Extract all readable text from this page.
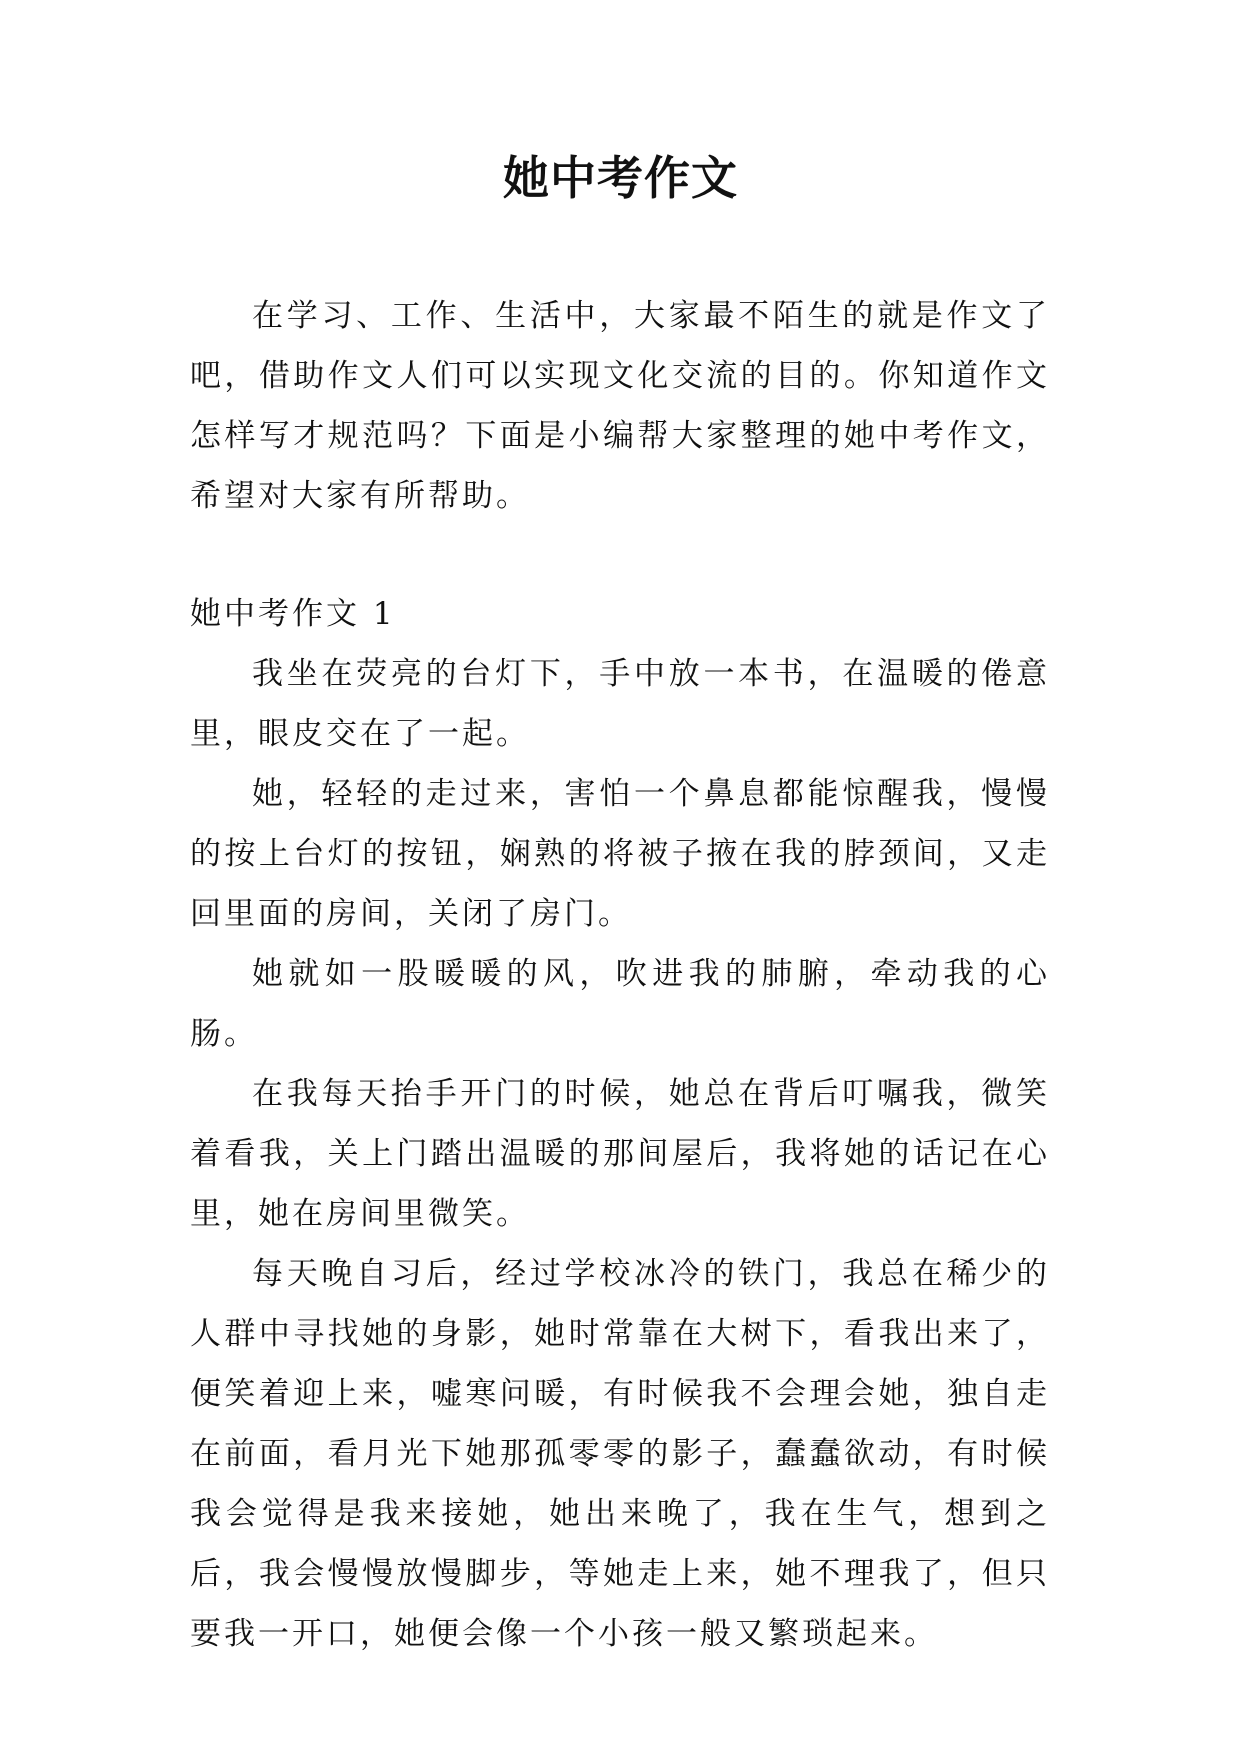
她中考作文

在学习、工作、生活中，大家最不陌生的就是作文了吧，借助作文人们可以实现文化交流的目的。你知道作文怎样写才规范吗？下面是小编帮大家整理的她中考作文，希望对大家有所帮助。

她中考作文 1

我坐在荧亮的台灯下，手中放一本书，在温暖的倦意里，眼皮交在了一起。

她，轻轻的走过来，害怕一个鼻息都能惊醒我，慢慢的按上台灯的按钮，娴熟的将被子掖在我的脖颈间，又走回里面的房间，关闭了房门。

她就如一股暖暖的风，吹进我的肺腑，牵动我的心肠。

在我每天抬手开门的时候，她总在背后叮嘱我，微笑着看我，关上门踏出温暖的那间屋后，我将她的话记在心里，她在房间里微笑。

每天晚自习后，经过学校冰冷的铁门，我总在稀少的人群中寻找她的身影，她时常靠在大树下，看我出来了，便笑着迎上来，嘘寒问暖，有时候我不会理会她，独自走在前面，看月光下她那孤零零的影子，蠢蠢欲动，有时候我会觉得是我来接她，她出来晚了，我在生气，想到之后，我会慢慢放慢脚步，等她走上来，她不理我了，但只要我一开口，她便会像一个小孩一般又繁琐起来。
